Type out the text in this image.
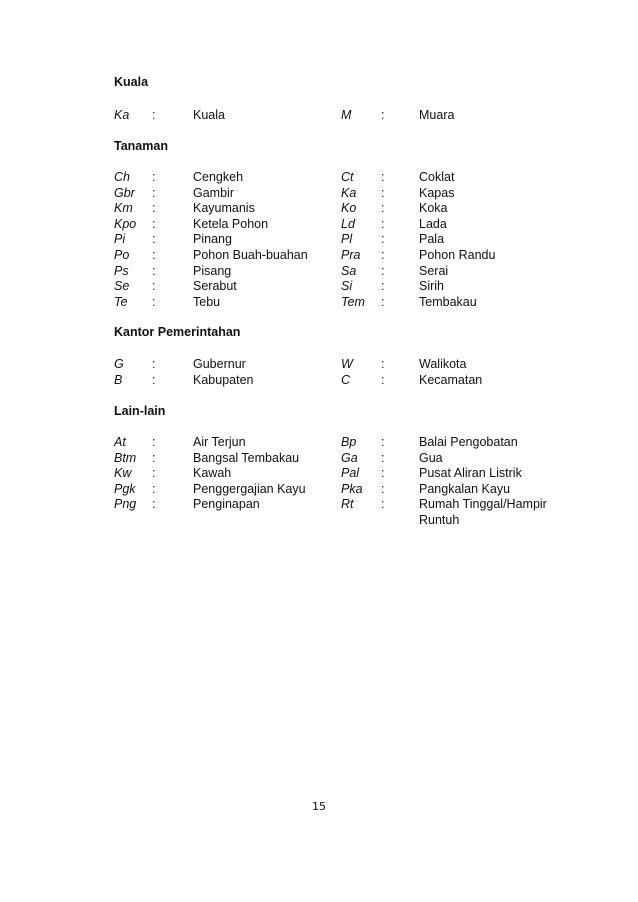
Kuala
Ka :	Kuala	M :	Muara
Tanaman
Ch :	Cengkeh	Ct :	Coklat
Gbr :	Gambir	Ka :	Kapas
Km :	Kayumanis	Ko :	Koka
Kpo :	Ketela Pohon	Ld :	Lada
Pi :	Pinang	Pl :	Pala
Po :	Pohon Buah-buahan	Pra :	Pohon Randu
Ps :	Pisang	Sa :	Serai
Se :	Serabut	Si :	Sirih
Te :	Tebu	Tem :	Tembakau
Kantor Pemerintahan
G :	Gubernur	W :	Walikota
B :	Kabupaten	C :	Kecamatan
Lain-lain
At :	Air Terjun	Bp :	Balai Pengobatan
Btm :	Bangsal Tembakau	Ga :	Gua
Kw :	Kawah	Pal :	Pusat Aliran Listrik
Pgk :	Penggergajian Kayu	Pka :	Pangkalan Kayu
Png :	Penginapan	Rt :	Rumah Tinggal/Hampir Runtuh
15
